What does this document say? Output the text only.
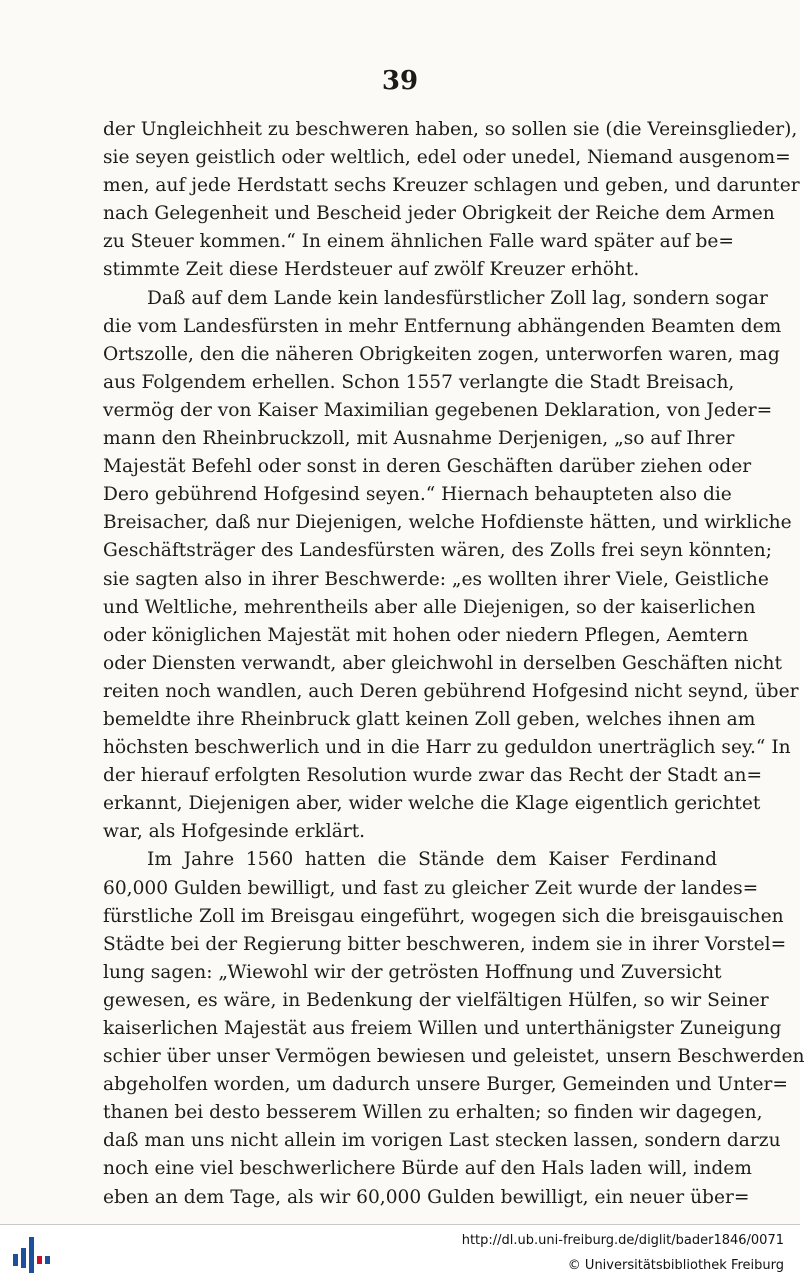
39
der Ungleichheit zu beschweren haben, so sollen sie (die Vereinsglieder),
sie seyen geistlich oder weltlich, edel oder unedel, Niemand ausgenom=
men, auf jede Herdstatt sechs Kreuzer schlagen und geben, und darunter
nach Gelegenheit und Bescheid jeder Obrigkeit der Reiche dem Armen
zu Steuer kommen.“ In einem ähnlichen Falle ward später auf be=
stimmte Zeit diese Herdsteuer auf zwölf Kreuzer erhöht.
Daß auf dem Lande kein landesfürstlicher Zoll lag, sondern sogar
die vom Landesfürsten in mehr Entfernung abhängenden Beamten dem
Ortszolle, den die näheren Obrigkeiten zogen, unterworfen waren, mag
aus Folgendem erhellen. Schon 1557 verlangte die Stadt Breisach,
vermög der von Kaiser Maximilian gegebenen Deklaration, von Jeder=
mann den Rheinbruckzoll, mit Ausnahme Derjenigen, „so auf Ihrer
Majestät Befehl oder sonst in deren Geschäften darüber ziehen oder
Dero gebührend Hofgesind seyen.“ Hiernach behaupteten also die
Breisacher, daß nur Diejenigen, welche Hofdienste hätten, und wirkliche
Geschäftsträger des Landesfürsten wären, des Zolls frei seyn könnten;
sie sagten also in ihrer Beschwerde: „es wollten ihrer Viele, Geistliche
und Weltliche, mehrentheils aber alle Diejenigen, so der kaiserlichen
oder königlichen Majestät mit hohen oder niedern Pflegen, Aemtern
oder Diensten verwandt, aber gleichwohl in derselben Geschäften nicht
reiten noch wandlen, auch Deren gebührend Hofgesind nicht seynd, über
bemeldte ihre Rheinbruck glatt keinen Zoll geben, welches ihnen am
höchsten beschwerlich und in die Harr zu geduldon unerträglich sey.“ In
der hierauf erfolgten Resolution wurde zwar das Recht der Stadt an=
erkannt, Diejenigen aber, wider welche die Klage eigentlich gerichtet
war, als Hofgesinde erklärt.
Im Jahre 1560 hatten die Stände dem Kaiser Ferdinand
60,000 Gulden bewilligt, und fast zu gleicher Zeit wurde der landes=
fürstliche Zoll im Breisgau eingeführt, wogegen sich die breisgauischen
Städte bei der Regierung bitter beschweren, indem sie in ihrer Vorstel=
lung sagen: „Wiewohl wir der getrösten Hoffnung und Zuversicht
gewesen, es wäre, in Bedenkung der vielfältigen Hülfen, so wir Seiner
kaiserlichen Majestät aus freiem Willen und unterthänigster Zuneigung
schier über unser Vermögen bewiesen und geleistet, unsern Beschwerden
abgeholfen worden, um dadurch unsere Burger, Gemeinden und Unter=
thanen bei desto besserem Willen zu erhalten; so finden wir dagegen,
daß man uns nicht allein im vorigen Last stecken lassen, sondern darzu
noch eine viel beschwerlichere Bürde auf den Hals laden will, indem
eben an dem Tage, als wir 60,000 Gulden bewilligt, ein neuer über=
http://dl.ub.uni-freiburg.de/diglit/bader1846/0071
© Universitätsbibliothek Freiburg
